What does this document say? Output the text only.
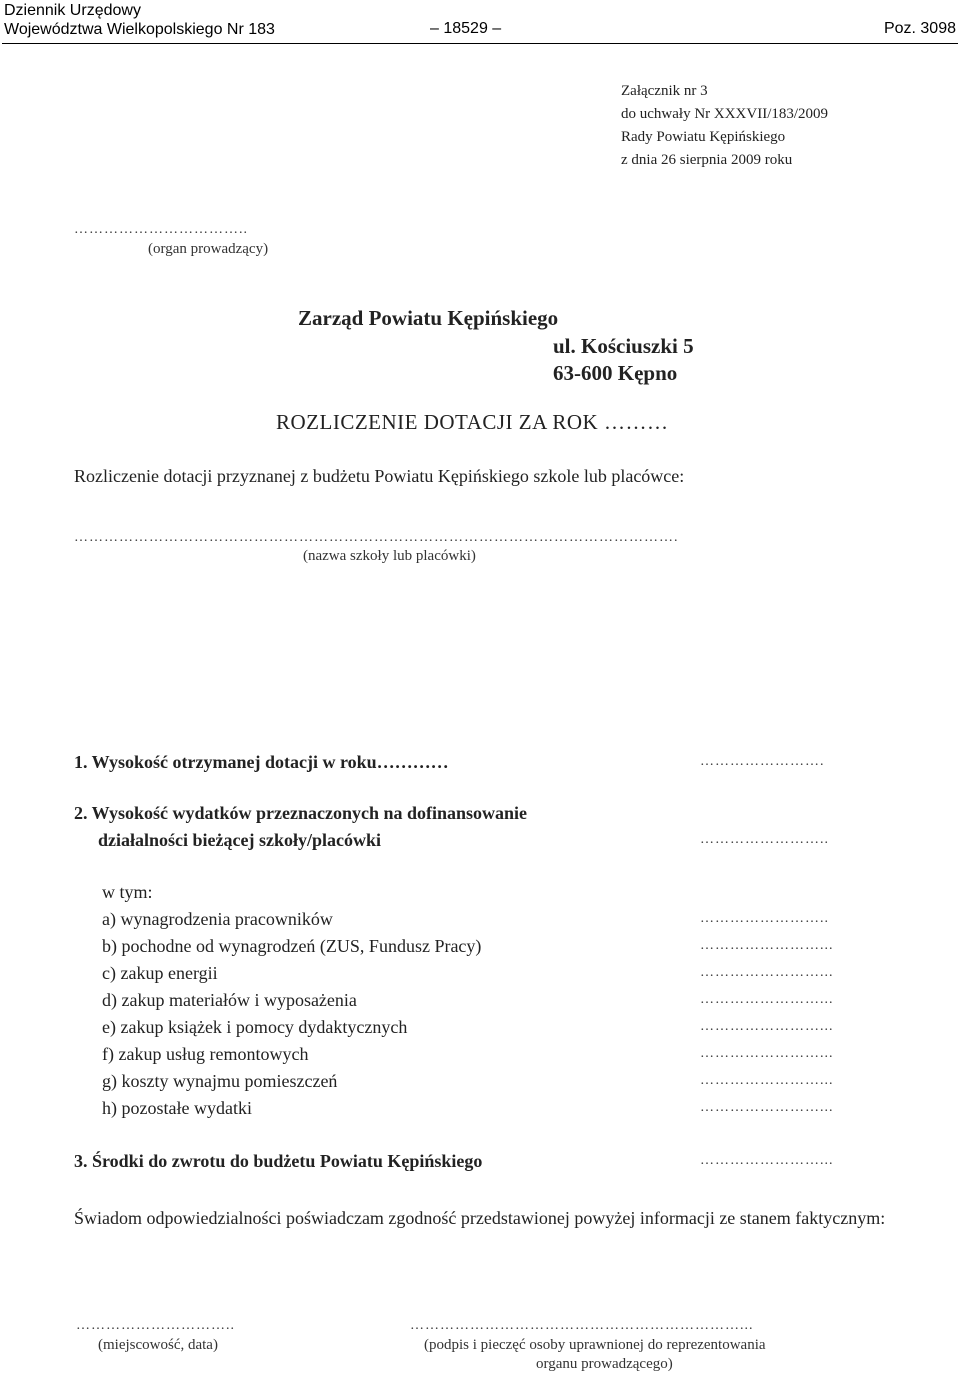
Dziennik Urzędowy
Województwa Wielkopolskiego Nr 183	– 18529 –	Poz. 3098
Załącznik nr 3
do uchwały Nr XXXVII/183/2009
Rady Powiatu Kępińskiego
z dnia 26 sierpnia 2009 roku
……………………………..
(organ prowadzący)
Zarząd Powiatu Kępińskiego
ul. Kościuszki 5
63-600 Kępno
ROZLICZENIE DOTACJI ZA ROK ………
Rozliczenie dotacji przyznanej z budżetu Powiatu Kępińskiego szkole lub placówce:
………………………………………………………………………………………………………….
(nazwa szkoły lub placówki)
1. Wysokość otrzymanej dotacji w roku…………	…………………….
2. Wysokość wydatków przeznaczonych na dofinansowanie
działalności bieżącej szkoły/placówki	……………………..
w tym:
a) wynagrodzenia pracowników	……………………..
b) pochodne od wynagrodzeń (ZUS, Fundusz Pracy)	……………………...
c) zakup energii	……………………...
d) zakup materiałów i wyposażenia	……………………...
e) zakup książek i pomocy dydaktycznych	……………………...
f) zakup usług remontowych	……………………...
g) koszty wynajmu pomieszczeń	……………………...
h) pozostałe wydatki	……………………...
3. Środki do zwrotu do budżetu Powiatu Kępińskiego	……………………...
Świadom odpowiedzialności poświadczam zgodność przedstawionej powyżej informacji ze stanem faktycznym:
…………………………..
(miejscowość, data)
…………………………………………………………...
(podpis i pieczęć osoby uprawnionej do reprezentowania
organu prowadzącego)
